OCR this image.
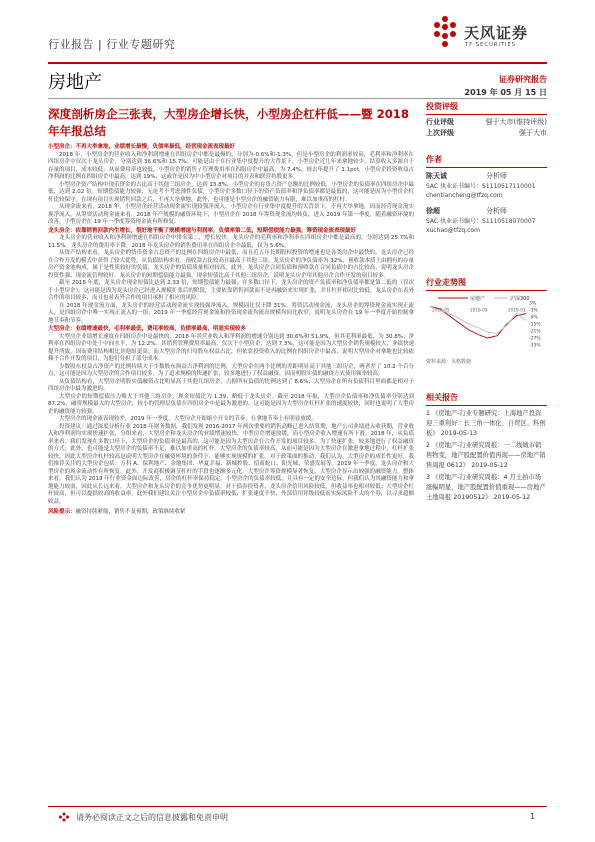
行业报告 | 行业专题研究
天风证券
TF SECURITIES
房地产	证券研究报告
2019 年 05 月 15 日
深度剖析房企三张表，大型房企增长快，小型房企杠杆低——暨 2018 年年报总结

小型房企：不再大举拿地，业绩增长最慢，负债率最低，经营现金流表现最好

2018 年，小型房企的营业收入和净利润增速在四组房企中都是最慢的，分别为-0.6%和-1.3%，但是小型房企的利润率较高，毛利率和净利率在四组房企中仅次于龙头房企，分别达到 36.6%和 15.7%。可能是由于在行业集中度提升的大背景下，小型房企近几年来拿地较少，结算收入多源自于存量的项目，成本较低，从而费用率也较低。小型房企的销售 / 管理费用率在四组房企中最高，为 7.4%，较去年提升了 1.1pct，小型房企投资收益占净利润的比例在四组房企中最高，达到 19%，这或许是因为中小型房企对项目的并表和联营持股更多。

小型房企资产结构中现币资金的占比高于其他三组房企，达到 13.8%，小型房企的存货占资产总额的比例较低，小型房企的负债率在四组房企中最低，达到 2.02 倍。短期偿债能力较强，无论考不考虑薄性负债，小型房企多数口径下的资产负债率和净负债率都是最低的，这可能是因为小型房企杠杆比较保守。在现有项目实现销售回款之后，不再大举拿地，此外，也可能是小型房企的融资能力有限，难以加重高的杠杆。

从现金流来看，2018 年，小型房企经营活动现金流实现较强净流入。小型房企在行业集中度提升的大背景下，不再大举拿地，因而经营现金流实现净流入，从筹资活动现金流来看，2018 年产规模的融资环境下，小型房企在 2018 年筹资现金流均转负，进入 2019 年第一季度，随着融资环境的改善，小型房企在 19 年一季度筹资现金流有所修复。

龙头房企：依靠销售回款内生增长，很好地平衡了规模增速与利润率，负债率第二低，短期偿债能力最强，筹资现金流表现最好

龙头房企的营业收入和净利润增速在四组房企中排名第二，增长较快。龙头房企的毛利率和净利率在四组房企中都是最高的，分别达到 25.7%和 11.5%。龙头房企的费用率下降，2018 年龙头房企的销售费用率在四组房企中最低，仅为 5.6%。

从资产结构来看，龙头房企的货币资金占总资产的比例在四组房企中最低，而且近五年长期股权投资的增速也是各类房企中最快的。龙头房企已经在合作开发的模式中获得了较大优势。从负债结构来看，预收款占比较高且最高于其他三组。龙头房企的净负债率为 32%，预收款本质上由拥有的存量房产资金池构成，属于是性质较好的负债，龙头房企的负债质量相对较高。此外，龙头房企合同负债和预收款在合同负债中的占比较高，说明龙头房企投资性强、现金流管理较好。龙头房企的短期偿债能力最强，现金短债比高于其他三组房企，说明龙头房企用其他房企合作开发的项目较多。

截至 2018 年底，龙头房企现金短债比达到 2.33 倍，短期偿债能力最强；在多数口径下，龙头房企的资产负债率和净负债率都是第二低的（仅次于小型房企）。这可能是因为龙头房企已经进入规模扩张后的阶段，主要依靠销售回款而不是再融资来实现扩张，并且杠杆相对比较低。龙头房企在表外合作的项目较多，而且也对表外合作的项目承担了相应的风险。

在 2018 年现金流方面，龙头房企的经营活动现金流实现较强净流入，规模同比仅下降 31%。筹资活动现金流，龙头房企的筹资现金流实现正流入，是四组房企中唯一实现正流入的一组，2019 年一季度经营现金流和投资现金流均流出规模均同比收窄，说明龙头房企在 19 年一季度开始控制拿地节奏和节奏。

大型房企：业绩增速最快，毛利率最低，费用率较高，负债率最高，明显实现较多

大型房企业绩增长速度在四组房企中是最快的，2018 年其营业收入和净利润的增速分别达到 30.6%和 51.9%，但其毛利率最低，为 30.8%；净利率在四组房企中处于中间水平，为 12.2%。其销售管理费用率最高，仅次于小型房企，达到 7.3%，这可能是因为大型房企销售规模较大、业绩快速提升所致，因而费用结构相比其他组更高。而大型房企的归母股东权益占比，但依靠投资收入的比例在四组房企中最高，说明大型房企对拿地也比较依赖于合作开发的项目，为他们分担了部分成本。

少数股东权益占净资产的比例持续大于少数股东损益占净利润的比例，大型房企在两个比例的差距明显高于其他三组房企，两者差了 10.2 个百分点，这可能是因为大型房企的合作项目较多，为了追求规模的快速扩张，较多地进行了权益融资，因而明股实债的融资方式使用频率较高。

从负债结构看，大型房企明股实债融资占比明显高于其他几组房企，占据所有负债的比例达到了 8.6%；大型房企在所有负债科目里面都是相对于四组房企中最为激进的。

大型房企的短期偿债压力略大于其他三组房企，现金短债比为 1.39，略低于龙头房企。截至 2018 年报，大型房企负债率和净负债率分别达到 87.2%，融资规模最大的大型房企，较小的管理层负债在四组房企中是最为激进的。这可能是因为大型房企杠杆扩张的速度较快，同时也说明了大型房企的融资能力较强。

大型房企的现金流表现较差。2019 年一季度，大型房企开始缩小开支的节奏，在拿地节奏上有明显放缓。

投资建议：通过深度分析行业 2018 年财务数据，我们发现 2016-2017 年两次重要的销售高峰已进入结算期，地产公司业绩进入收获期，营业收入和净利润均实现快速扩张，分组来看，大型房企和龙头房企的业绩增速较快，中型房企增速放缓，而小型房企收入增速有所下滑。2018 年，从负债率来看，我们发现在多数口径下，大型房企的负债率是最高的，这可能是因为大型房企在合作开发的项目较多，为了快速扩张，较多地进行了权益融资的方式；此外，也可能是大型房企的负债率不足，难以加重高的杠杆。大型房企的负债率较高，从而可能是因为大型房企在激进拿地过程中，杠杆扩张较快，因此大型房企杠杆较高是说明大型房企在融资环境的条件下，能够实现规模的扩张。对于政策面的推动，我们认为，大型房企的成长性更好。我们推荐关注的大型房企包括：万科 A、保利地产、金地集团、华夏幸福、新城控股、招商蛇口、阳光城、荣盛发展等。2019 年一季度，龙头房企和大型房企的现金流动性有所恢复，此外，开发商积极调节杠杆的手段也逐渐多元化，大型房企筹资规模显著恢复，大型房企显示出较强的融资能力。整体来看，我们认为 2019 年行业资金面边际改善，房企的杠杆率保持稳定。小型房企的负债率较低，且具有一定的安全边际，但我们认为其融资能力和拿地能力较弱，因此从长远来看，大型房企和龙头房企的竞争优势更明显。对于债券投资者，龙头房企信用风险较低，但收益率也相对较低；大型房企杠杆较高，但可以提供较高的收益率。此外我们建议关注小型房企中负债率较低、扩张速度不快、外部信用评级较低而实际风险不大的个券，以寻求超额收益。

风险提示：融资持续紧缩，销售不及预期，政策继续收紧

投资评级
行业评级	强于大市(维持评级)
上次评级	强于大市
作者
陈天诚	分析师
SAC 执业证书编号：S1110517110001
chentiancheng@tfzq.com
徐超	分析师
SAC 执业证书编号：S1110518070007
xuchao@tfzq.com
行业走势图
房地产	沪深300
3%
-3%
-9%
-15%
-21%
-27%
-33%
2018-05	2018-09	2019-01
资料来源：贝格数据
相关报告
1 《房地产-行业专题研究：上海地产投资迎三重利好：长三角一体化、自贸区、科创板》 2019-05-13
2 《房地产-行业研究周报：一二线城市销售物变，地产股配置价值再现——房地产销售周报 0612》 2019-05-12
3 《房地产-行业研究周报：4 月土拍市场涨幅明显，地产股配置价值重现——房地产土地周报 20190512》 2019-05-12
请务必阅读正文之后的信息披露和免责申明	1
